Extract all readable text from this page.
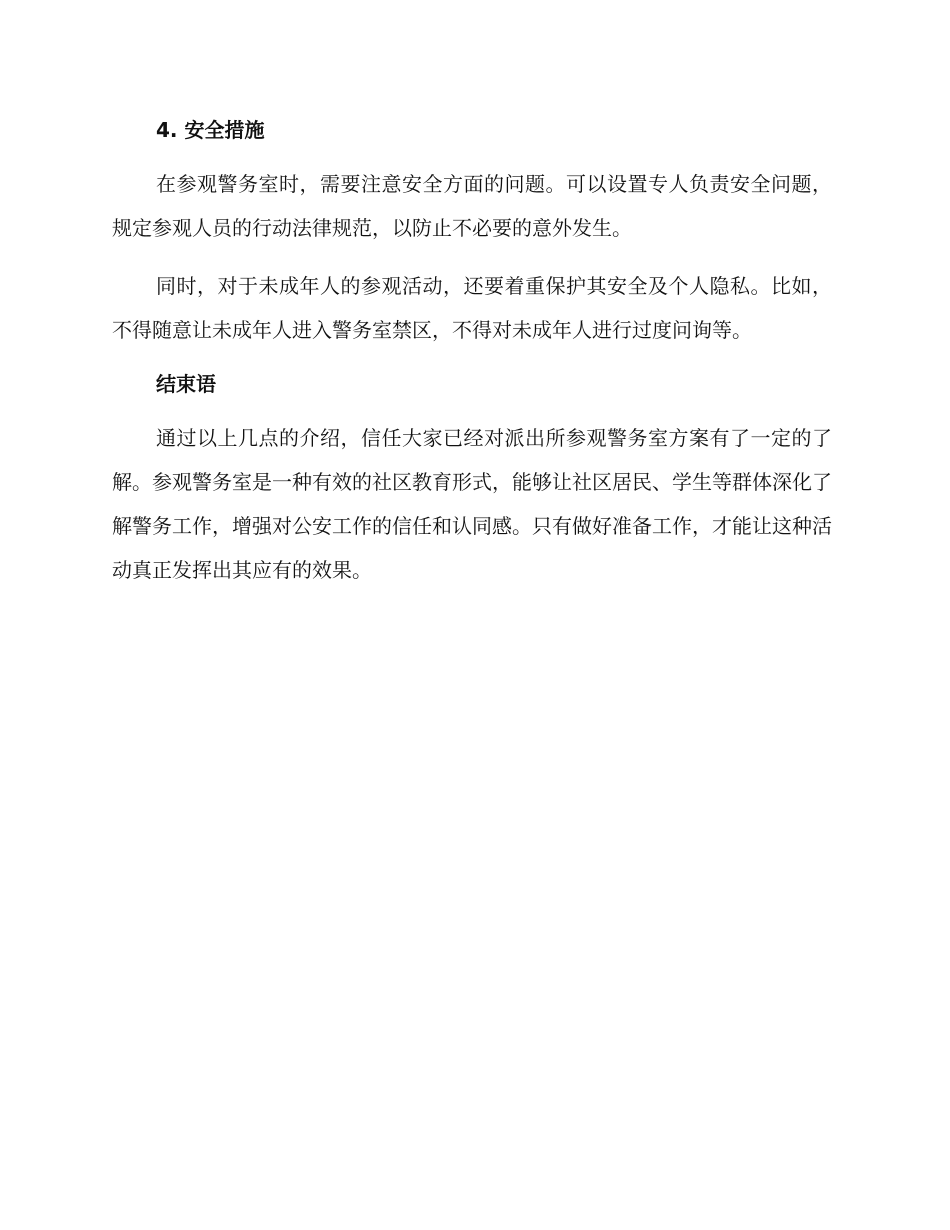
4. 安全措施

在参观警务室时，需要注意安全方面的问题。可以设置专人负责安全问题，规定参观人员的行动法律规范，以防止不必要的意外发生。

同时，对于未成年人的参观活动，还要着重保护其安全及个人隐私。比如，不得随意让未成年人进入警务室禁区，不得对未成年人进行过度问询等。

结束语

通过以上几点的介绍，信任大家已经对派出所参观警务室方案有了一定的了解。参观警务室是一种有效的社区教育形式，能够让社区居民、学生等群体深化了解警务工作，增强对公安工作的信任和认同感。只有做好准备工作，才能让这种活动真正发挥出其应有的效果。
